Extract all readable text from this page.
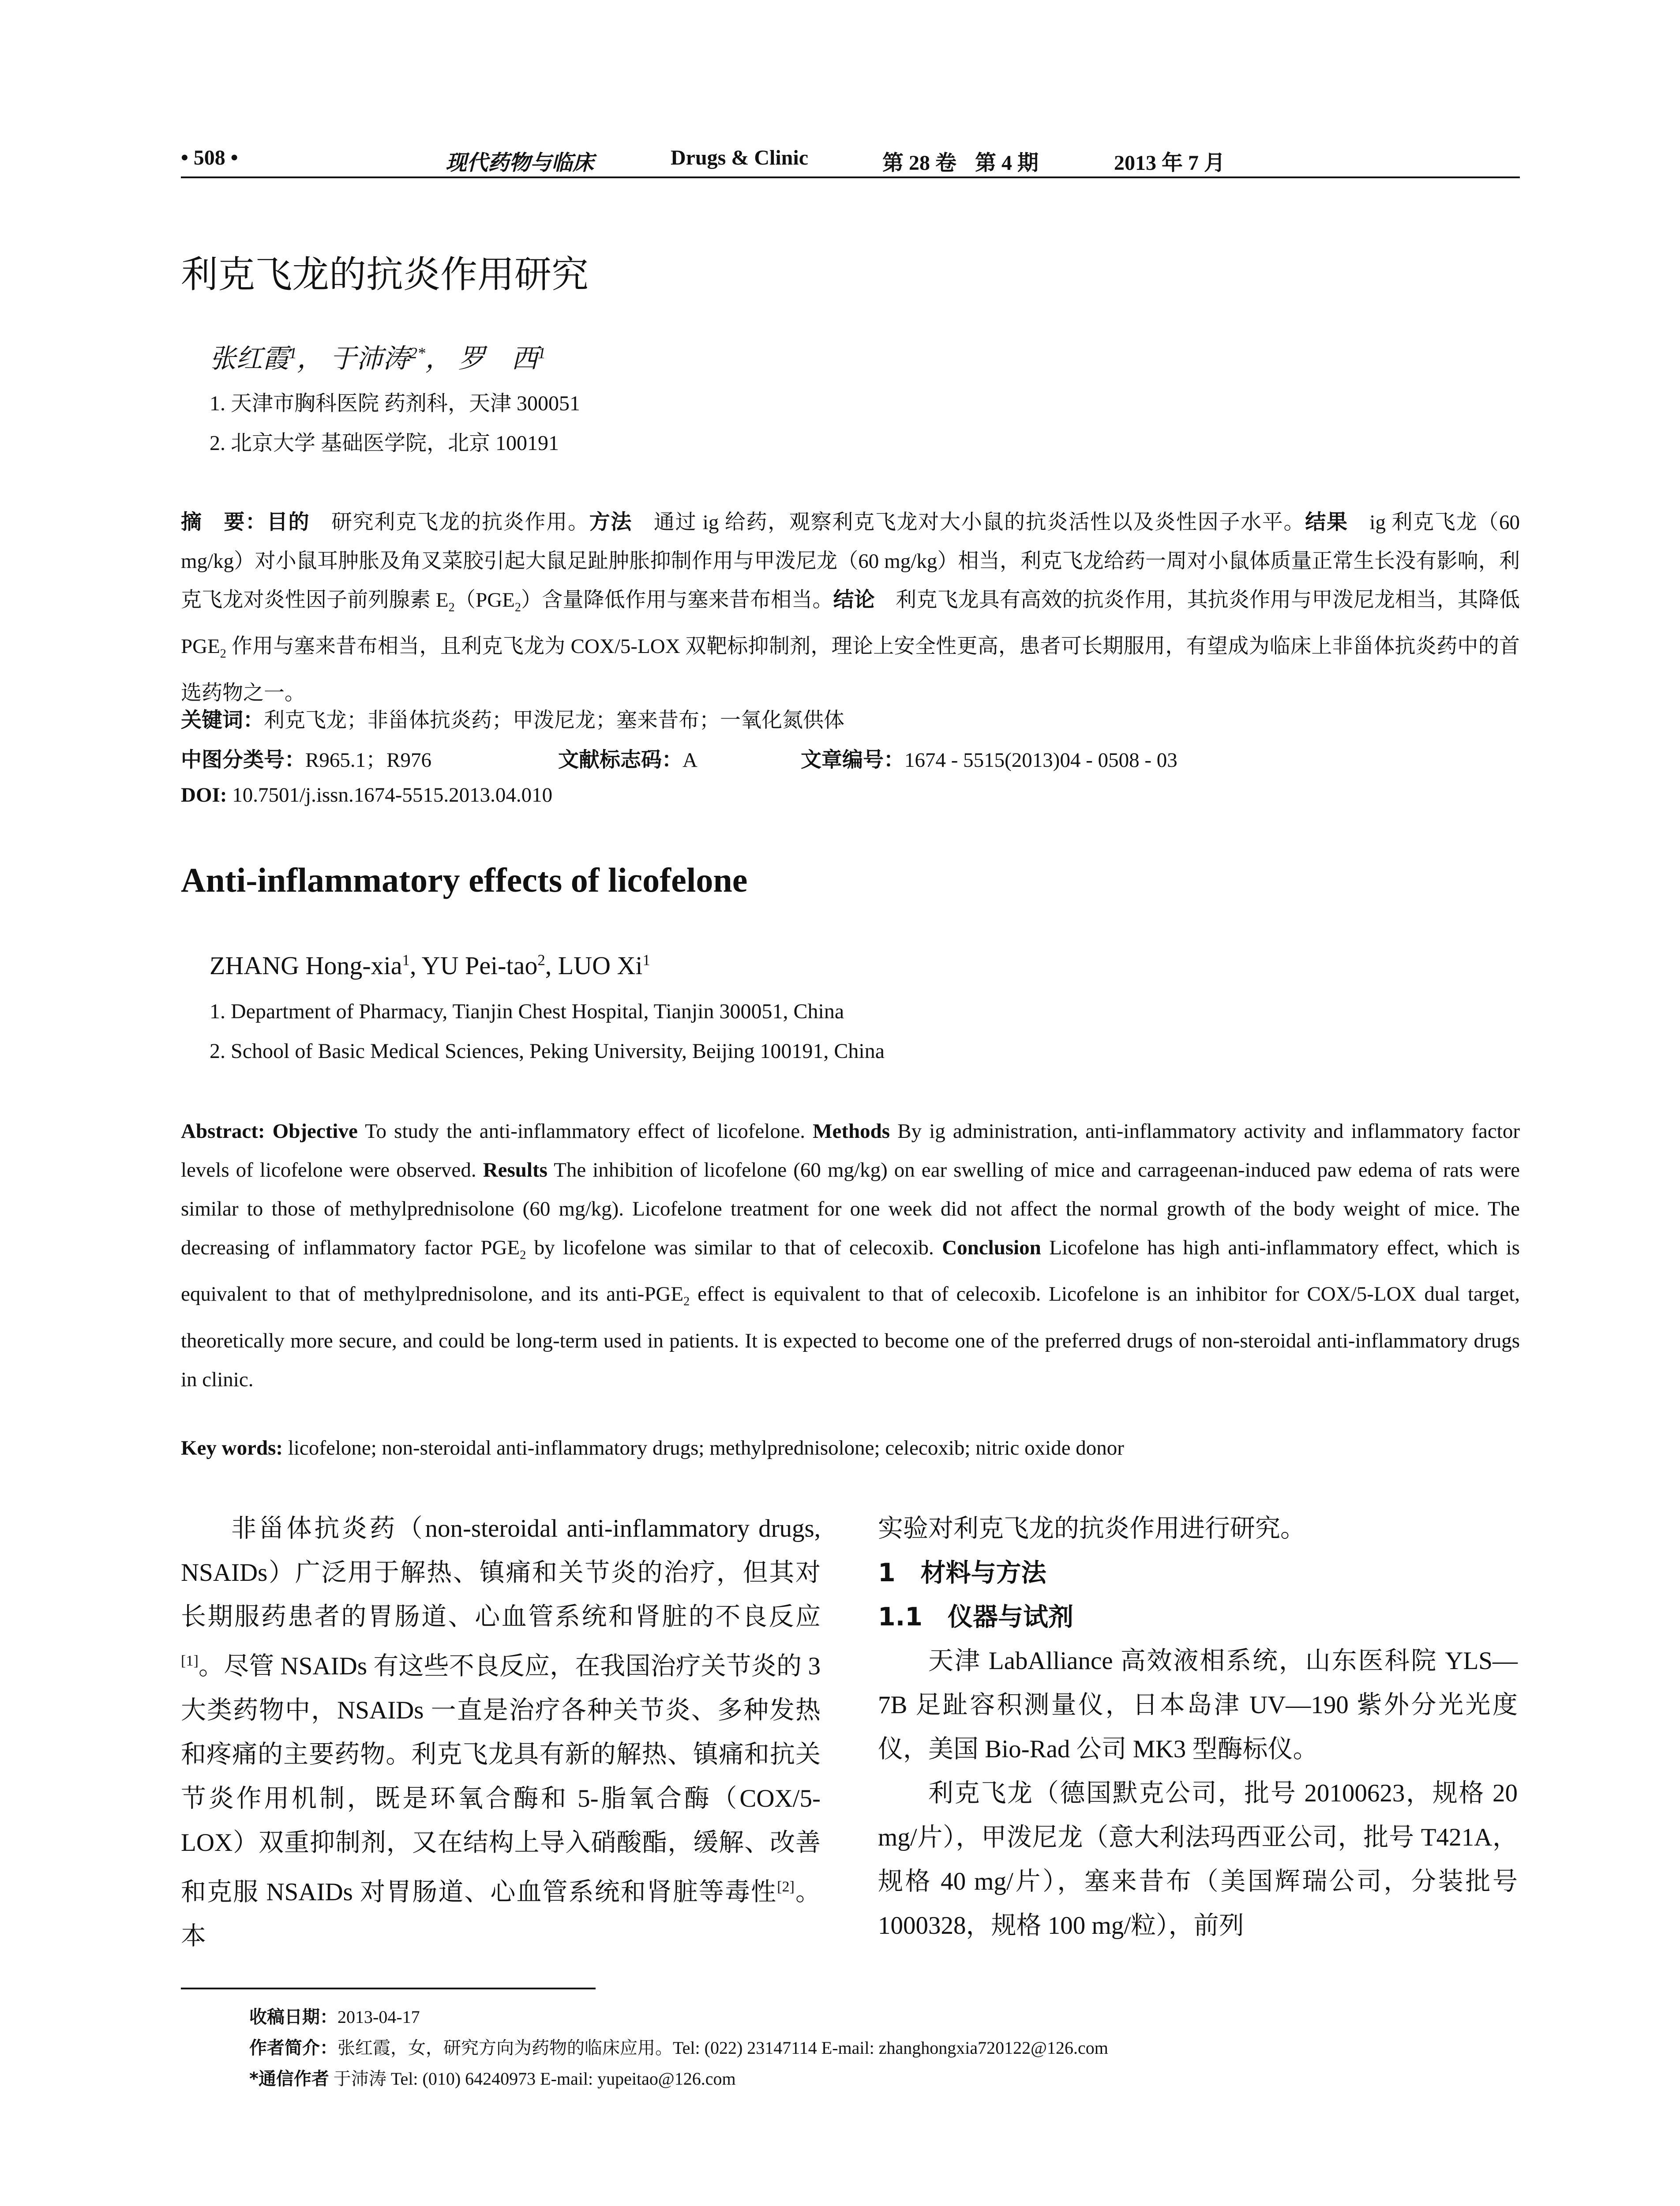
• 508 •	现代药物与临床	Drugs & Clinic	第 28 卷 第 4 期	2013 年 7 月
利克飞龙的抗炎作用研究
张红霞$^1$， 于沛涛$^{2*}$， 罗　西$^1$
1. 天津市胸科医院 药剂科，天津 300051
2. 北京大学 基础医学院，北京 100191
摘　要：目的　研究利克飞龙的抗炎作用。方法　通过 ig 给药，观察利克飞龙对大小鼠的抗炎活性以及炎性因子水平。结果　ig 利克飞龙（60 mg/kg）对小鼠耳肿胀及角叉菜胶引起大鼠足趾肿胀抑制作用与甲泼尼龙（60 mg/kg）相当，利克飞龙给药一周对小鼠体质量正常生长没有影响，利克飞龙对炎性因子前列腺素 $E_2(PGE_2)$含量降低作用与塞来昔布相当。结论　利克飞龙具有高效的抗炎作用，其抗炎作用与甲泼尼龙相当，其降低 $PGE_2$ 作用与塞来昔布相当，且利克飞龙为 COX/5-LOX 双靶标抑制剂，理论上安全性更高，患者可长期服用，有望成为临床上非甾体抗炎药中的首选药物之一。
关键词：利克飞龙；非甾体抗炎药；甲泼尼龙；塞来昔布；一氧化氮供体
中图分类号：R965.1；R976	文献标志码：A	文章编号：1674 - 5515(2013)04 - 0508 - 03
DOI: 10.7501/j.issn.1674-5515.2013.04.010
Anti-inflammatory effects of licofelone
ZHANG Hong-xia$^1$, YU Pei-tao$^2$, LUO Xi$^1$
1. Department of Pharmacy, Tianjin Chest Hospital, Tianjin 300051, China
2. School of Basic Medical Sciences, Peking University, Beijing 100191, China
Abstract: Objective To study the anti-inflammatory effect of licofelone. Methods By ig administration, anti-inflammatory activity and inflammatory factor levels of licofelone were observed. Results The inhibition of licofelone (60 mg/kg) on ear swelling of mice and carrageenan-induced paw edema of rats were similar to those of methylprednisolone (60 mg/kg). Licofelone treatment for one week did not affect the normal growth of the body weight of mice. The decreasing of inflammatory factor $PGE_2$ by licofelone was similar to that of celecoxib. Conclusion Licofelone has high anti-inflammatory effect, which is equivalent to that of methylprednisolone, and its anti-$PGE_2$ effect is equivalent to that of celecoxib. Licofelone is an inhibitor for COX/5-LOX dual target, theoretically more secure, and could be long-term used in patients. It is expected to become one of the preferred drugs of non-steroidal anti-inflammatory drugs in clinic.
Key words: licofelone; non-steroidal anti-inflammatory drugs; methylprednisolone; celecoxib; nitric oxide donor
非甾体抗炎药（non-steroidal anti-inflammatory drugs, NSAIDs）广泛用于解热、镇痛和关节炎的治疗，但其对长期服药患者的胃肠道、心血管系统和肾脏的不良反应[1]。尽管 NSAIDs 有这些不良反应，在我国治疗关节炎的 3 大类药物中，NSAIDs 一直是治疗各种关节炎、多种发热和疼痛的主要药物。利克飞龙具有新的解热、镇痛和抗关节炎作用机制，既是环氧合酶和 5-脂氧合酶（COX/5-LOX）双重抑制剂，又在结构上导入硝酸酯，缓解、改善和克服 NSAIDs 对胃肠道、心血管系统和肾脏等毒性[2]。本
实验对利克飞龙的抗炎作用进行研究。
1　材料与方法
1.1　仪器与试剂
天津 LabAlliance 高效液相系统，山东医科院 YLS—7B 足趾容积测量仪，日本岛津 UV—190 紫外分光光度仪，美国 Bio-Rad 公司 MK3 型酶标仪。
利克飞龙（德国默克公司，批号 20100623，规格 20 mg/片），甲泼尼龙（意大利法玛西亚公司，批号 T421A，规格 40 mg/片），塞来昔布（美国辉瑞公司，分装批号 1000328，规格 100 mg/粒），前列
收稿日期：2013-04-17
作者简介：张红霞，女，研究方向为药物的临床应用。Tel: (022) 23147114 E-mail: zhanghongxia720122@126.com
*通信作者 于沛涛 Tel: (010) 64240973 E-mail: yupeitao@126.com
